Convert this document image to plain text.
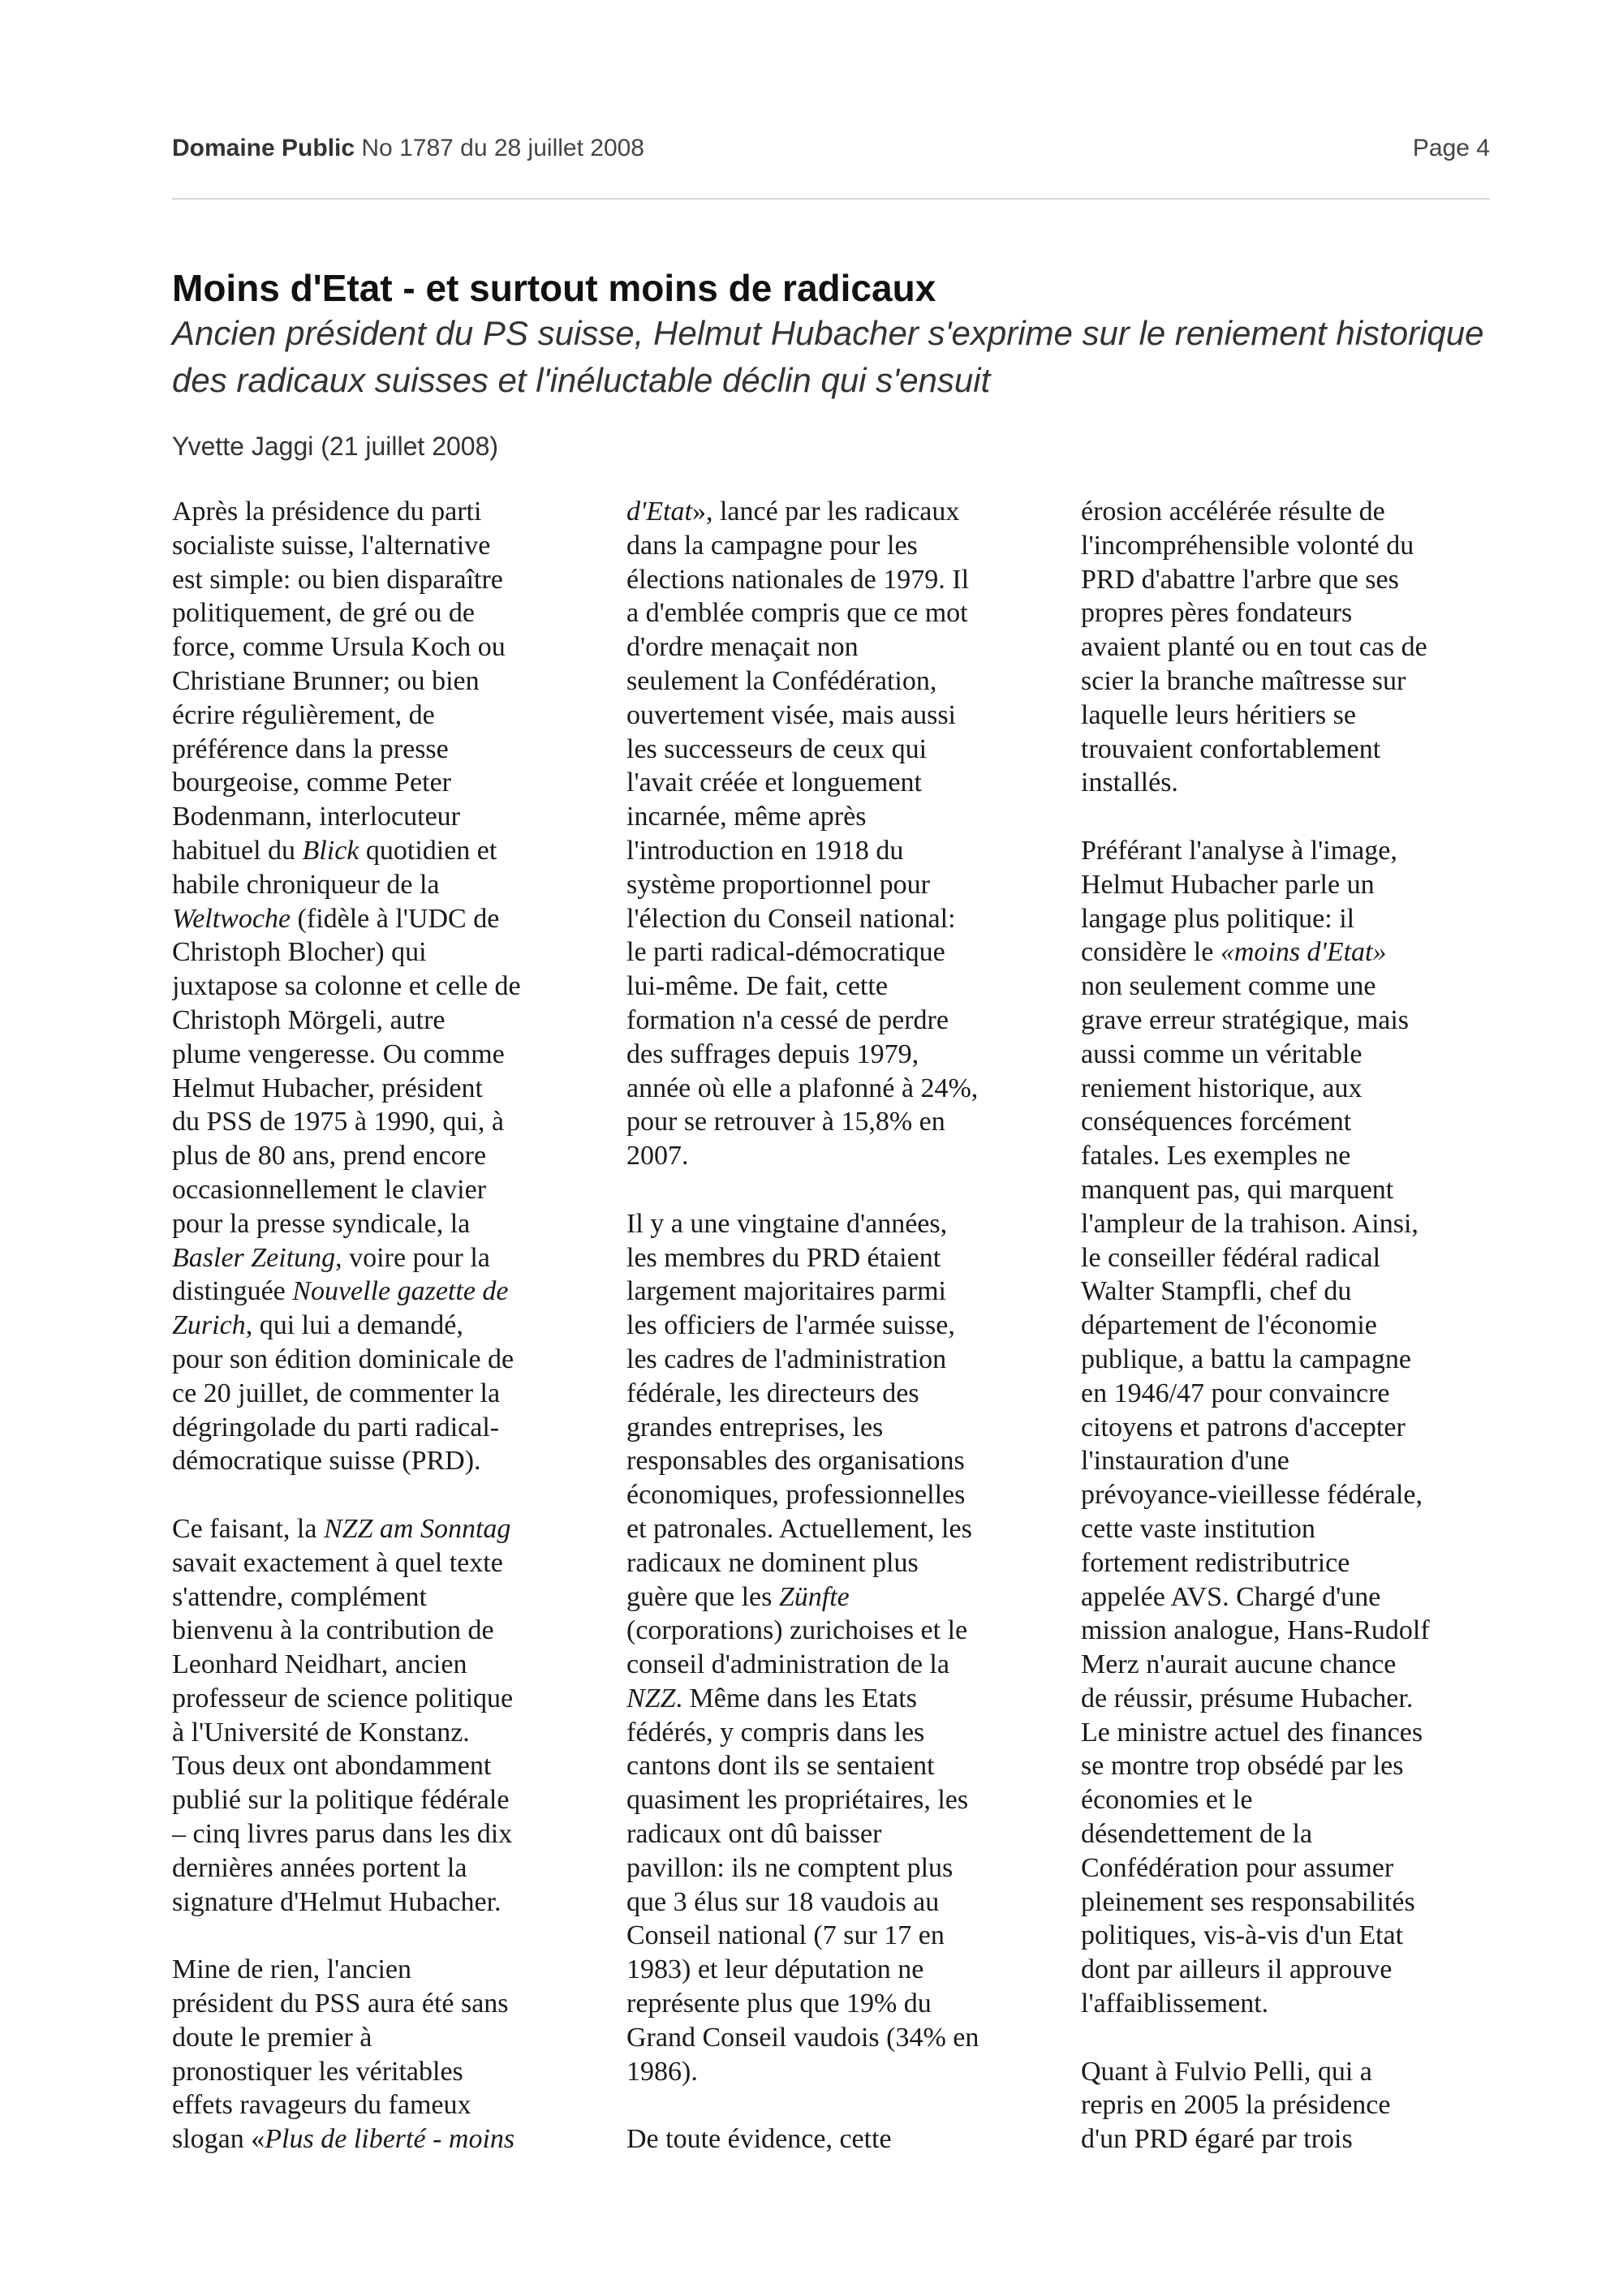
Domaine Public No 1787 du 28 juillet 2008	Page 4
Moins d'Etat - et surtout moins de radicaux

Ancien président du PS suisse, Helmut Hubacher s'exprime sur le reniement historique des radicaux suisses et l'inéluctable déclin qui s'ensuit

Yvette Jaggi (21 juillet 2008)

Après la présidence du parti
socialiste suisse, l'alternative
est simple: ou bien disparaître
politiquement, de gré ou de
force, comme Ursula Koch ou
Christiane Brunner; ou bien
écrire régulièrement, de
préférence dans la presse
bourgeoise, comme Peter
Bodenmann, interlocuteur
habituel du Blick quotidien et
habile chroniqueur de la
Weltwoche (fidèle à l'UDC de
Christoph Blocher) qui
juxtapose sa colonne et celle de
Christoph Mörgeli, autre
plume vengeresse. Ou comme
Helmut Hubacher, président
du PSS de 1975 à 1990, qui, à
plus de 80 ans, prend encore
occasionnellement le clavier
pour la presse syndicale, la
Basler Zeitung, voire pour la
distinguée Nouvelle gazette de
Zurich, qui lui a demandé,
pour son édition dominicale de
ce 20 juillet, de commenter la
dégringolade du parti radical-
démocratique suisse (PRD).

Ce faisant, la NZZ am Sonntag
savait exactement à quel texte
s'attendre, complément
bienvenu à la contribution de
Leonhard Neidhart, ancien
professeur de science politique
à l'Université de Konstanz.
Tous deux ont abondamment
publié sur la politique fédérale
– cinq livres parus dans les dix
dernières années portent la
signature d'Helmut Hubacher.

Mine de rien, l'ancien
président du PSS aura été sans
doute le premier à
pronostiquer les véritables
effets ravageurs du fameux
slogan «Plus de liberté - moins

d'Etat», lancé par les radicaux
dans la campagne pour les
élections nationales de 1979. Il
a d'emblée compris que ce mot
d'ordre menaçait non
seulement la Confédération,
ouvertement visée, mais aussi
les successeurs de ceux qui
l'avait créée et longuement
incarnée, même après
l'introduction en 1918 du
système proportionnel pour
l'élection du Conseil national:
le parti radical-démocratique
lui-même. De fait, cette
formation n'a cessé de perdre
des suffrages depuis 1979,
année où elle a plafonné à 24%,
pour se retrouver à 15,8% en
2007.

Il y a une vingtaine d'années,
les membres du PRD étaient
largement majoritaires parmi
les officiers de l'armée suisse,
les cadres de l'administration
fédérale, les directeurs des
grandes entreprises, les
responsables des organisations
économiques, professionnelles
et patronales. Actuellement, les
radicaux ne dominent plus
guère que les Zünfte
(corporations) zurichoises et le
conseil d'administration de la
NZZ. Même dans les Etats
fédérés, y compris dans les
cantons dont ils se sentaient
quasiment les propriétaires, les
radicaux ont dû baisser
pavillon: ils ne comptent plus
que 3 élus sur 18 vaudois au
Conseil national (7 sur 17 en
1983) et leur députation ne
représente plus que 19% du
Grand Conseil vaudois (34% en
1986).

De toute évidence, cette

érosion accélérée résulte de
l'incompréhensible volonté du
PRD d'abattre l'arbre que ses
propres pères fondateurs
avaient planté ou en tout cas de
scier la branche maîtresse sur
laquelle leurs héritiers se
trouvaient confortablement
installés.

Préférant l'analyse à l'image,
Helmut Hubacher parle un
langage plus politique: il
considère le «moins d'Etat»
non seulement comme une
grave erreur stratégique, mais
aussi comme un véritable
reniement historique, aux
conséquences forcément
fatales. Les exemples ne
manquent pas, qui marquent
l'ampleur de la trahison. Ainsi,
le conseiller fédéral radical
Walter Stampfli, chef du
département de l'économie
publique, a battu la campagne
en 1946/47 pour convaincre
citoyens et patrons d'accepter
l'instauration d'une
prévoyance-vieillesse fédérale,
cette vaste institution
fortement redistributrice
appelée AVS. Chargé d'une
mission analogue, Hans-Rudolf
Merz n'aurait aucune chance
de réussir, présume Hubacher.
Le ministre actuel des finances
se montre trop obsédé par les
économies et le
désendettement de la
Confédération pour assumer
pleinement ses responsabilités
politiques, vis-à-vis d'un Etat
dont par ailleurs il approuve
l'affaiblissement.

Quant à Fulvio Pelli, qui a
repris en 2005 la présidence
d'un PRD égaré par trois
